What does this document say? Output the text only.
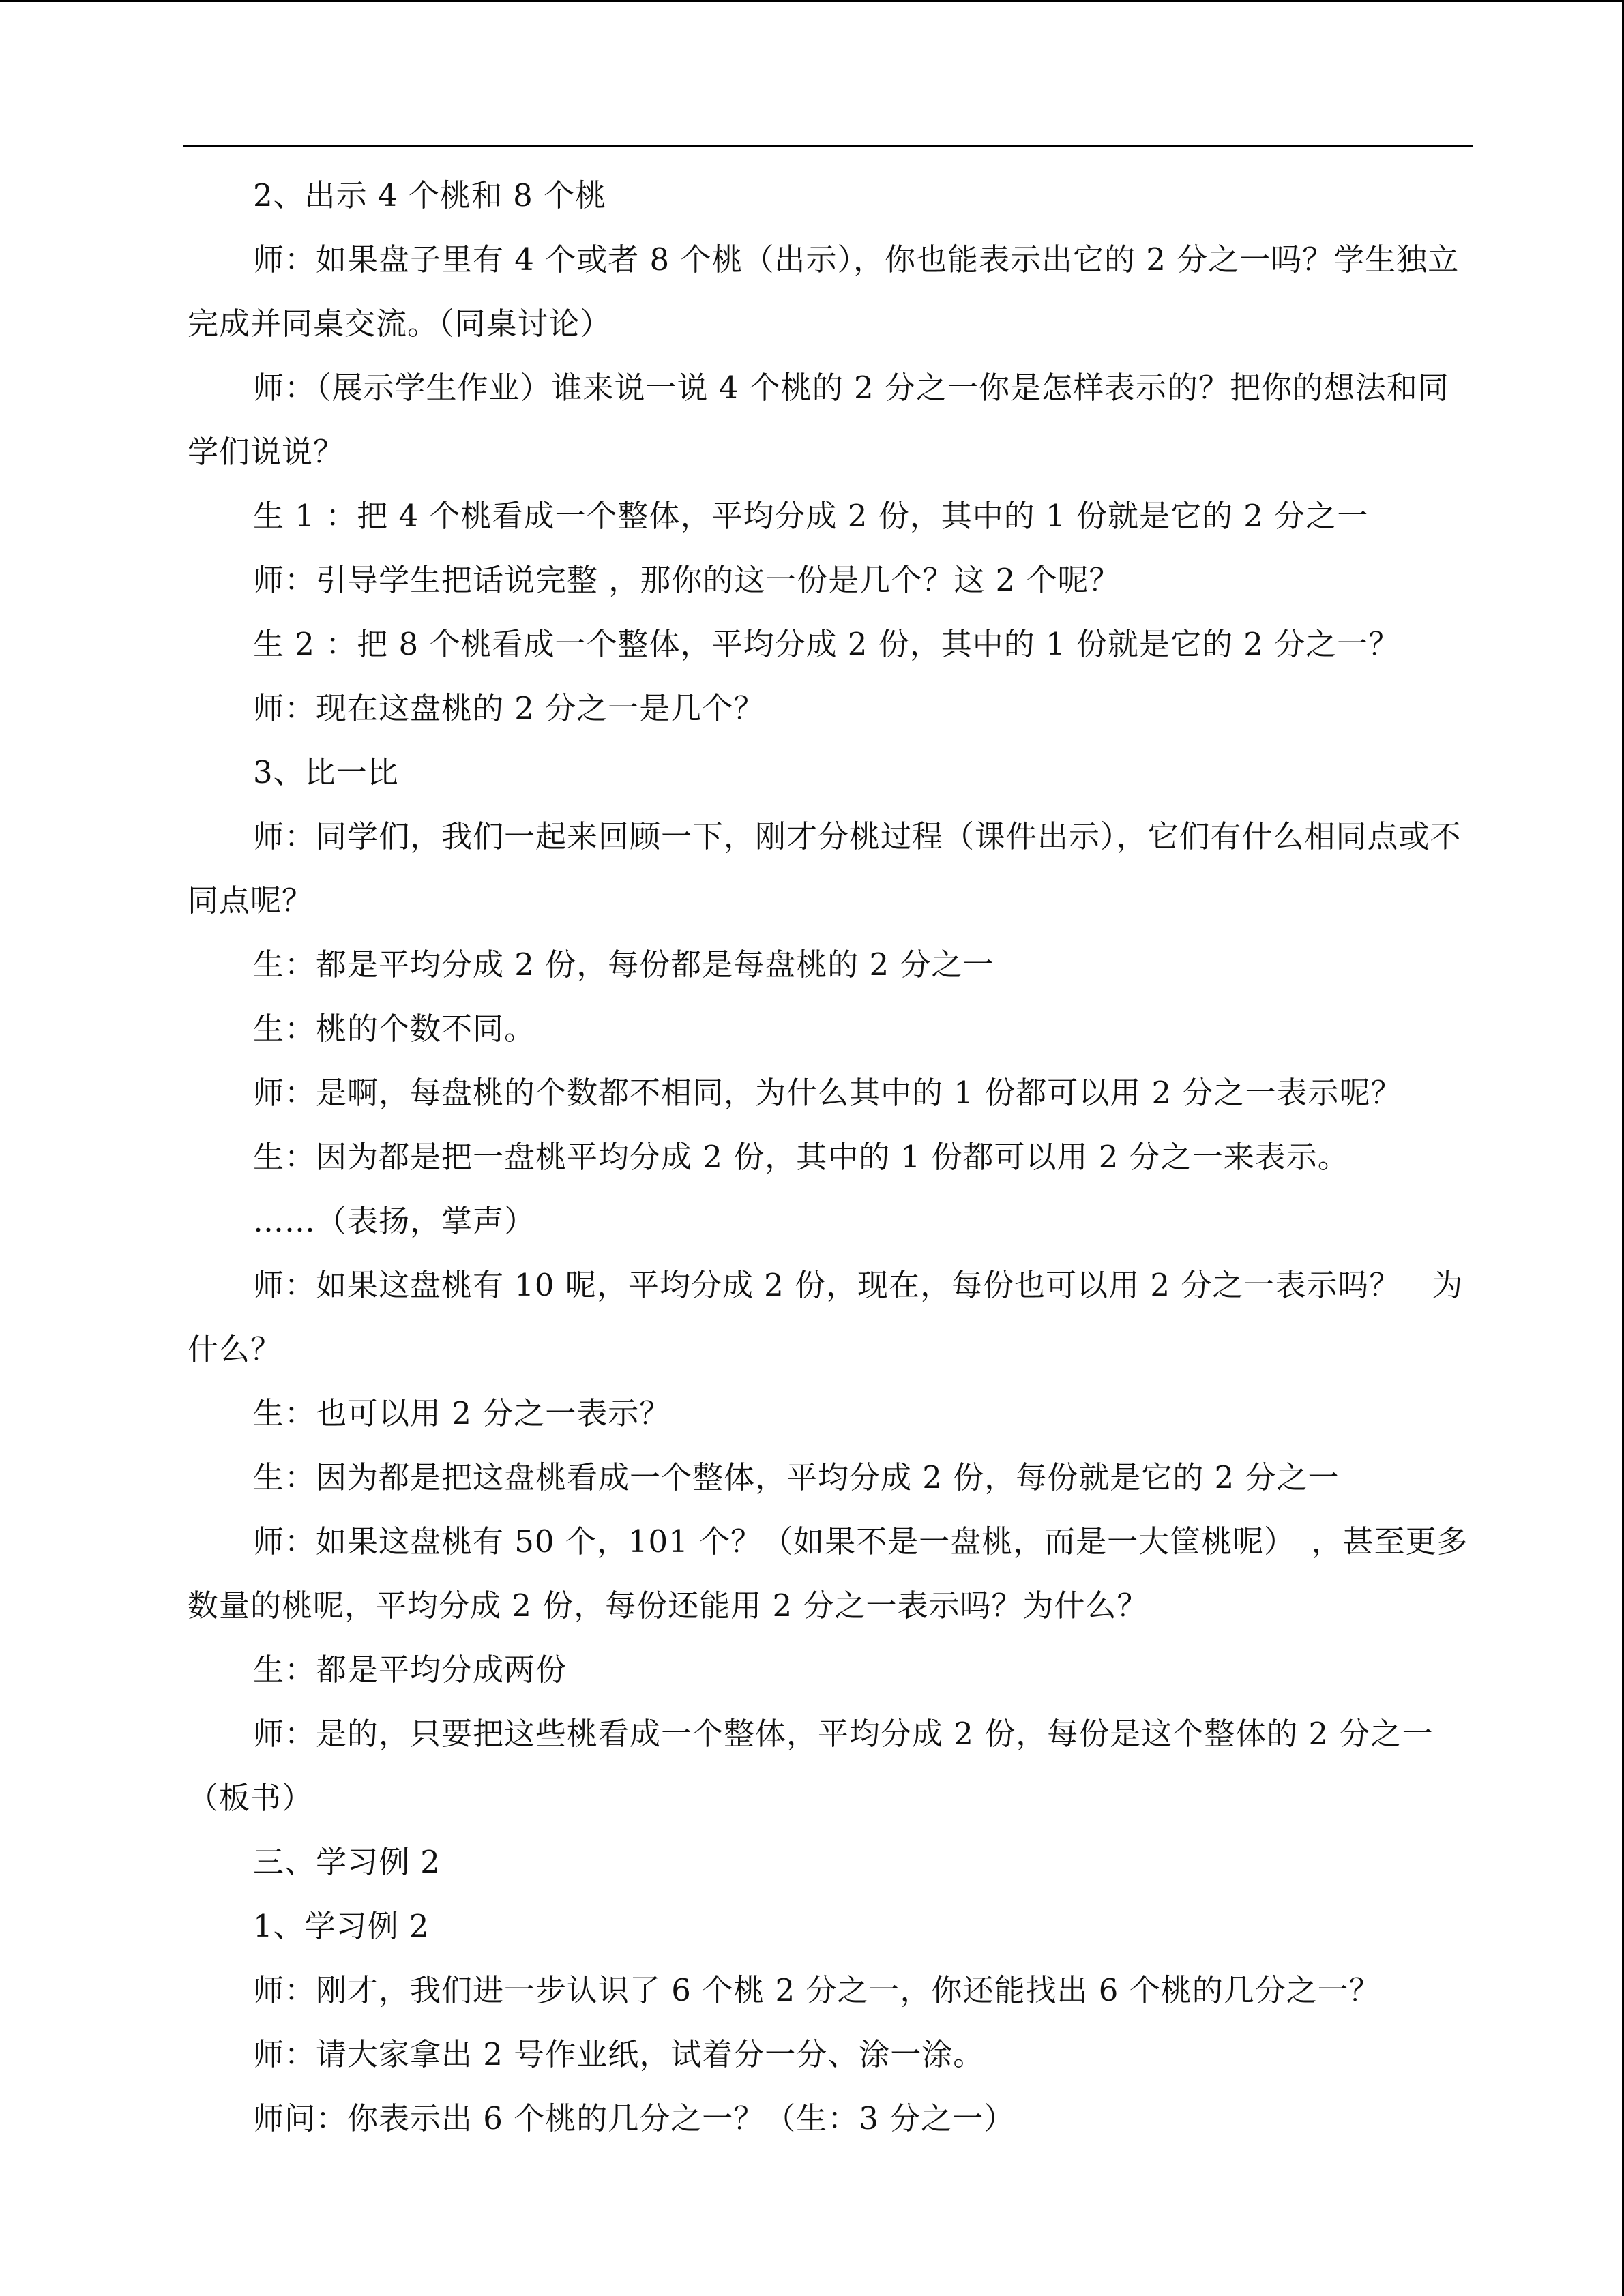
2、出示 4 个桃和 8 个桃

师：如果盘子里有 4 个或者 8 个桃（出示），你也能表示出它的 2 分之一吗？学生独立完成并同桌交流。（同桌讨论）

师：（展示学生作业）谁来说一说 4 个桃的 2 分之一你是怎样表示的？把你的想法和同学们说说？

生 1 ：把 4 个桃看成一个整体，平均分成 2 份，其中的 1 份就是它的 2 分之一

师：引导学生把话说完整 ，那你的这一份是几个？这 2 个呢？

生 2 ：把 8 个桃看成一个整体，平均分成 2 份，其中的 1 份就是它的 2 分之一？

师：现在这盘桃的 2 分之一是几个？

3、比一比

师：同学们，我们一起来回顾一下，刚才分桃过程（课件出示），它们有什么相同点或不同点呢？

生：都是平均分成 2 份，每份都是每盘桃的 2 分之一

生：桃的个数不同。

师：是啊，每盘桃的个数都不相同，为什么其中的 1 份都可以用 2 分之一表示呢？

生：因为都是把一盘桃平均分成 2 份，其中的 1 份都可以用 2 分之一来表示。

……（表扬，掌声）

师：如果这盘桃有 10 呢，平均分成 2 份，现在，每份也可以用 2 分之一表示吗？　为什么？

生：也可以用 2 分之一表示？

生：因为都是把这盘桃看成一个整体，平均分成 2 份，每份就是它的 2 分之一

师：如果这盘桃有 50 个，101 个？（如果不是一盘桃，而是一大筐桃呢）　，甚至更多数量的桃呢，平均分成 2 份，每份还能用 2 分之一表示吗？为什么？

生：都是平均分成两份

师：是的，只要把这些桃看成一个整体，平均分成 2 份，每份是这个整体的 2 分之一（板书）

三、学习例 2

1、学习例 2

师：刚才，我们进一步认识了 6 个桃 2 分之一，你还能找出 6 个桃的几分之一？

师：请大家拿出 2 号作业纸，试着分一分、涂一涂。

师问：你表示出 6 个桃的几分之一？（生：3 分之一）
